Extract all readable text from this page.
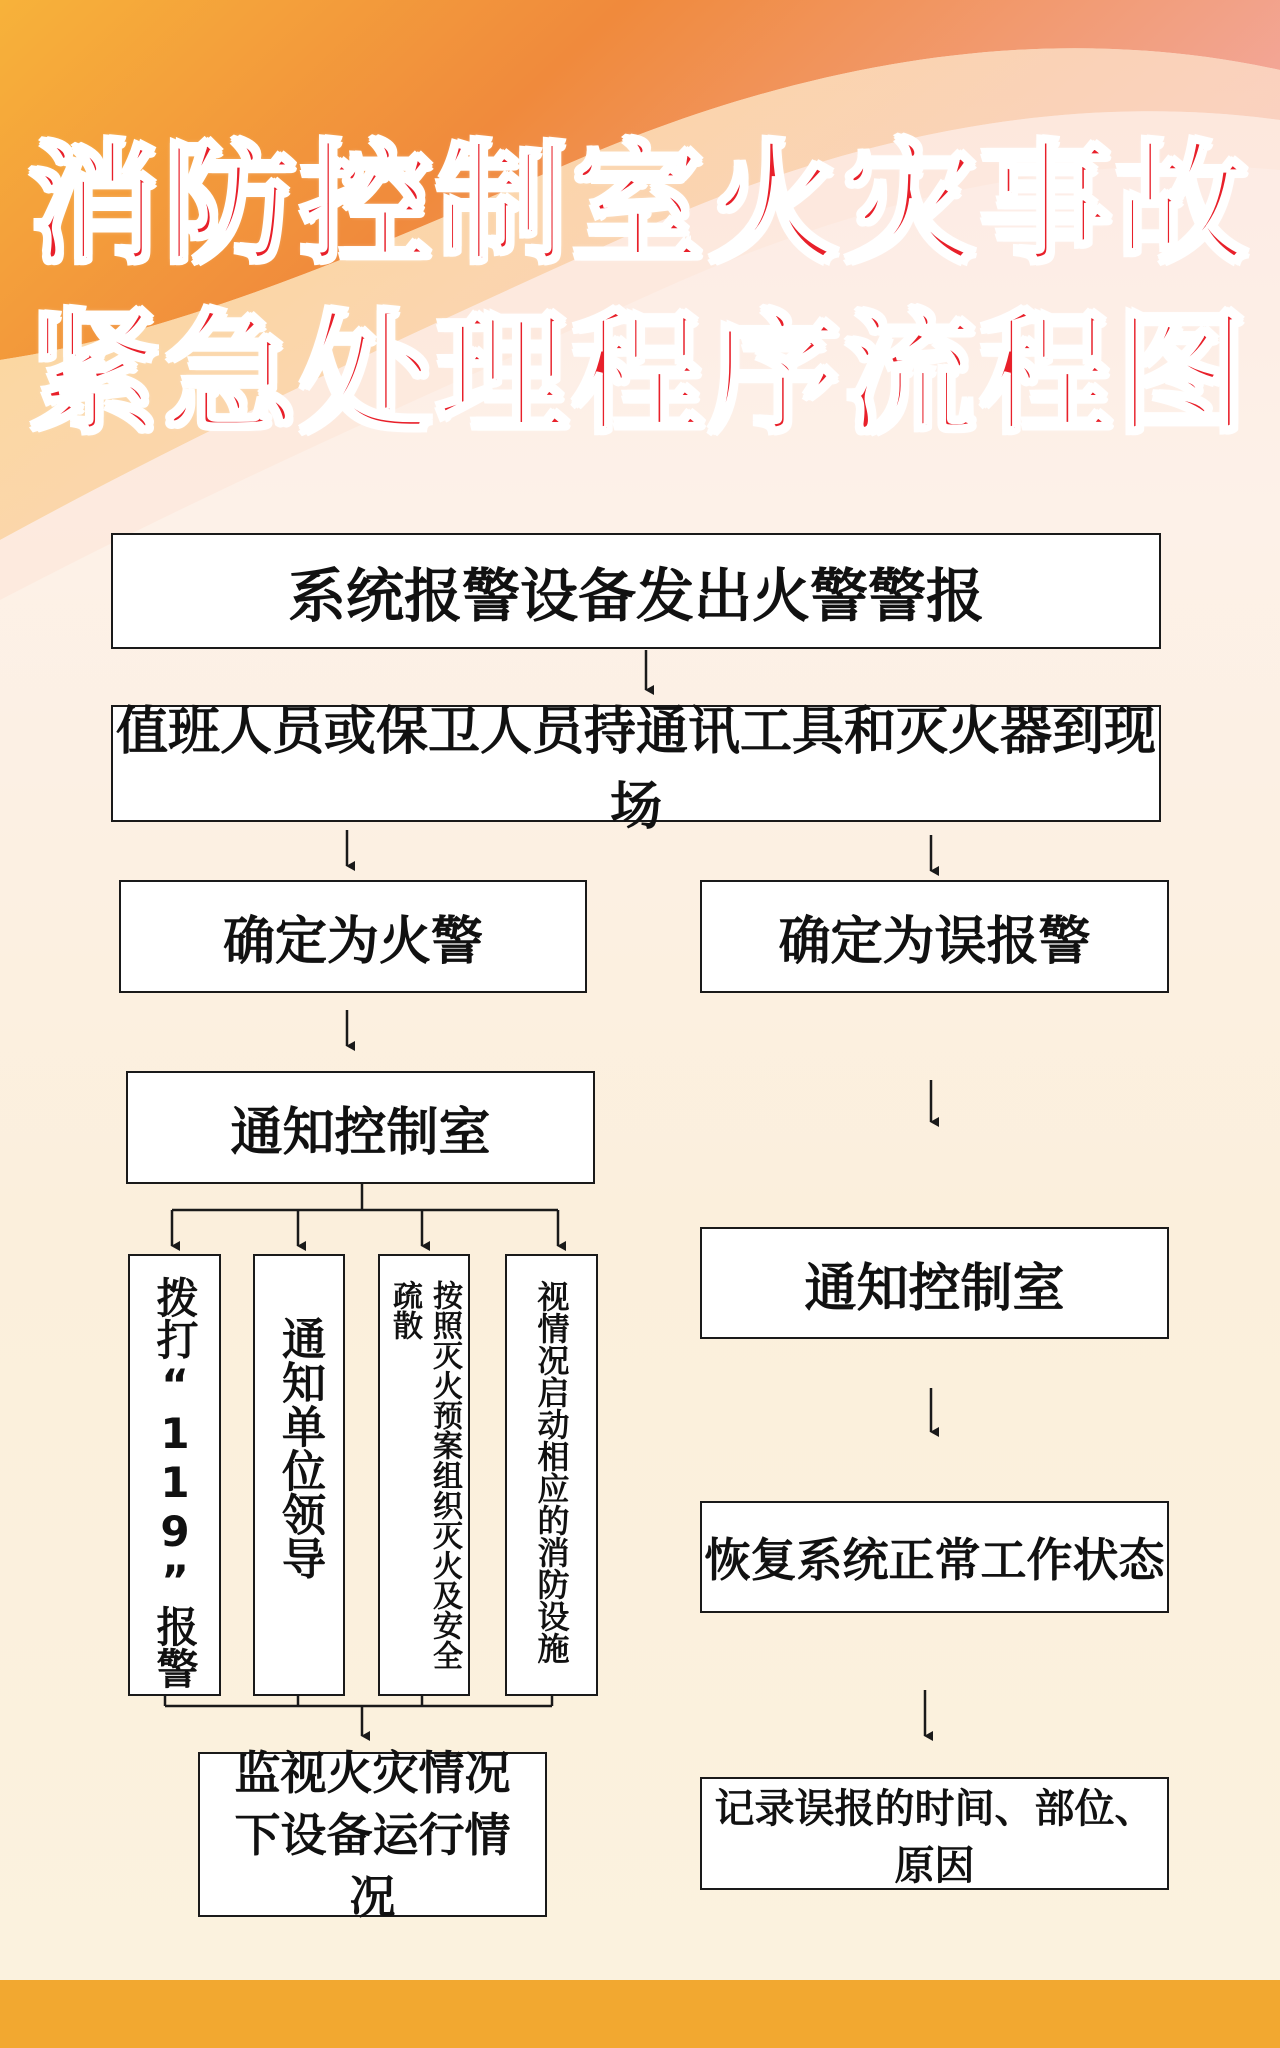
消防控制室火灾事故
紧急处理程序流程图
系统报警设备发出火警警报
值班人员或保卫人员持通讯工具和灭火器到现场
确定为火警	确定为误报警
通知控制室
通知控制室
恢复系统正常工作状态
记录误报的时间、部位、原因
监视火灾情况下设备运行情况
拨打“119”报警 通知单位领导	按照灭火预案组织灭火及安全疏散	视情况启动相应的消防设施
